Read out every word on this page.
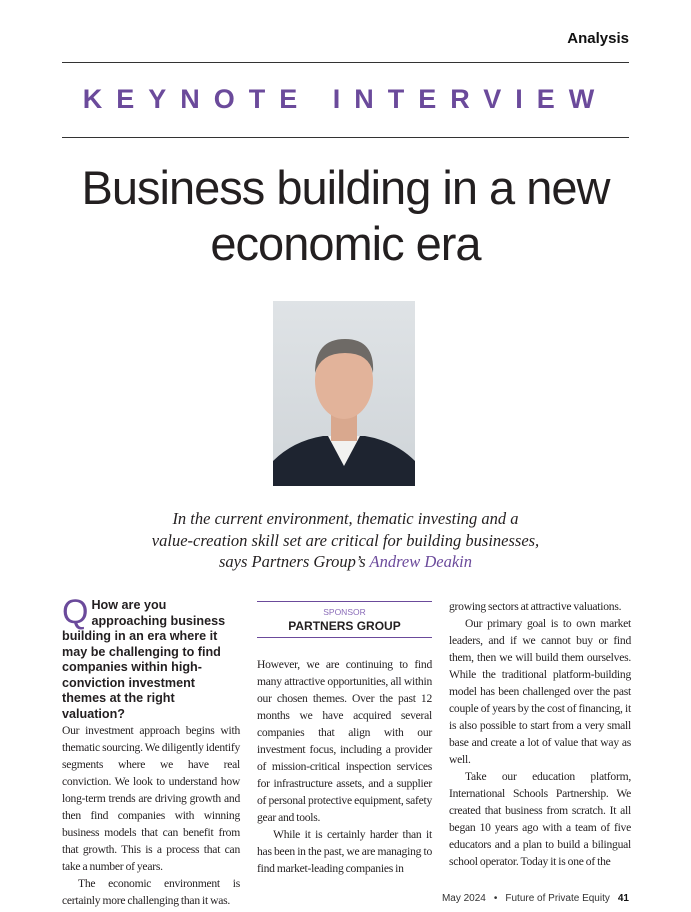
Analysis
KEYNOTE INTERVIEW
Business building in a new
economic era
In the current environment, thematic investing and a
value-creation skill set are critical for building businesses,
says Partners Group’s Andrew Deakin
Q How are you approaching business building in an era where it may be challenging to find companies within high-conviction investment themes at the right valuation?

Our investment approach begins with thematic sourcing. We diligently identify segments where we have real conviction. We look to understand how long-term trends are driving growth and then find companies with winning business models that can benefit from that growth. This is a process that can take a number of years.

The economic environment is certainly more challenging than it was.

SPONSOR
PARTNERS GROUP

However, we are continuing to find many attractive opportunities, all within our chosen themes. Over the past 12 months we have acquired several companies that align with our investment focus, including a provider of mission-critical inspection services for infrastructure assets, and a supplier of personal protective equipment, safety gear and tools.

While it is certainly harder than it has been in the past, we are managing to find market-leading companies in

growing sectors at attractive valuations.

Our primary goal is to own market leaders, and if we cannot buy or find them, then we will build them ourselves. While the traditional platform-building model has been challenged over the past couple of years by the cost of financing, it is also possible to start from a very small base and create a lot of value that way as well.

Take our education platform, International Schools Partnership. We created that business from scratch. It all began 10 years ago with a team of five educators and a plan to build a bilingual school operator. Today it is one of the

May 2024 • Future of Private Equity 41
